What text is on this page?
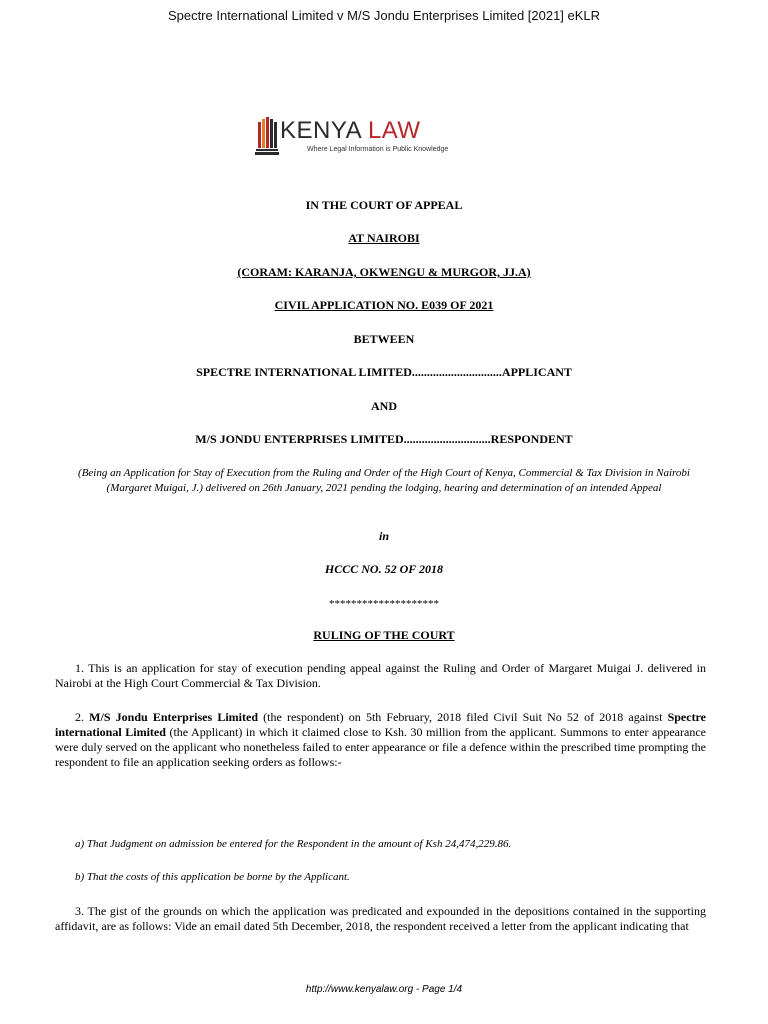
Spectre International Limited v M/S Jondu Enterprises Limited [2021] eKLR
KENYA LAW
Where Legal Information is Public Knowledge
IN THE COURT OF APPEAL
AT NAIROBI
(CORAM: KARANJA, OKWENGU & MURGOR, JJ.A)
CIVIL APPLICATION NO. E039 OF 2021
BETWEEN
SPECTRE INTERNATIONAL LIMITED..............................APPLICANT
AND
M/S JONDU ENTERPRISES LIMITED.............................RESPONDENT
(Being an Application for Stay of Execution from the Ruling and Order of the High Court of Kenya, Commercial & Tax Division in Nairobi (Margaret Muigai, J.) delivered on 26th January, 2021 pending the lodging, hearing and determination of an intended Appeal
in
HCCC NO. 52 OF 2018
********************
RULING OF THE COURT
1. This is an application for stay of execution pending appeal against the Ruling and Order of Margaret Muigai J. delivered in Nairobi at the High Court Commercial & Tax Division.
2. M/S Jondu Enterprises Limited (the respondent) on 5th February, 2018 filed Civil Suit No 52 of 2018 against Spectre international Limited (the Applicant) in which it claimed close to Ksh. 30 million from the applicant. Summons to enter appearance were duly served on the applicant who nonetheless failed to enter appearance or file a defence within the prescribed time prompting the respondent to file an application seeking orders as follows:-
a) That Judgment on admission be entered for the Respondent in the amount of Ksh 24,474,229.86.
b) That the costs of this application be borne by the Applicant.
3. The gist of the grounds on which the application was predicated and expounded in the depositions contained in the supporting affidavit, are as follows: Vide an email dated 5th December, 2018, the respondent received a letter from the applicant indicating that
http://www.kenyalaw.org - Page 1/4
